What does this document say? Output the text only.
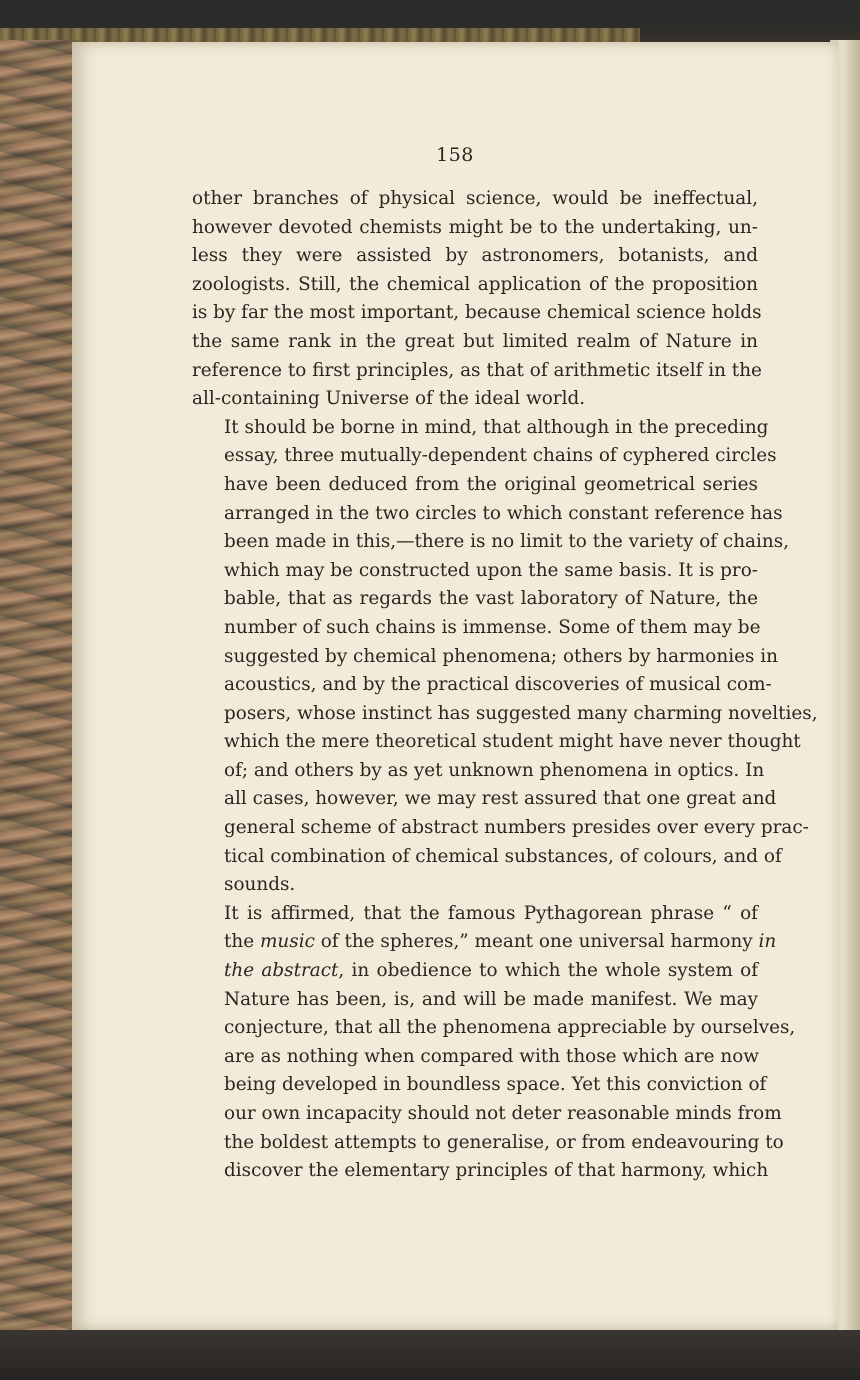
158

other branches of physical science, would be ineffectual,
however devoted chemists might be to the undertaking, un-
less they were assisted by astronomers, botanists, and
zoologists. Still, the chemical application of the proposition
is by far the most important, because chemical science holds
the same rank in the great but limited realm of Nature in
reference to first principles, as that of arithmetic itself in the
all-containing Universe of the ideal world.

It should be borne in mind, that although in the preceding
essay, three mutually-dependent chains of cyphered circles
have been deduced from the original geometrical series
arranged in the two circles to which constant reference has
been made in this,—there is no limit to the variety of chains,
which may be constructed upon the same basis. It is pro-
bable, that as regards the vast laboratory of Nature, the
number of such chains is immense. Some of them may be
suggested by chemical phenomena; others by harmonies in
acoustics, and by the practical discoveries of musical com-
posers, whose instinct has suggested many charming novelties,
which the mere theoretical student might have never thought
of; and others by as yet unknown phenomena in optics. In
all cases, however, we may rest assured that one great and
general scheme of abstract numbers presides over every prac-
tical combination of chemical substances, of colours, and of
sounds.

It is affirmed, that the famous Pythagorean phrase “ of
the music of the spheres,” meant one universal harmony in
the abstract, in obedience to which the whole system of
Nature has been, is, and will be made manifest. We may
conjecture, that all the phenomena appreciable by ourselves,
are as nothing when compared with those which are now
being developed in boundless space. Yet this conviction of
our own incapacity should not deter reasonable minds from
the boldest attempts to generalise, or from endeavouring to
discover the elementary principles of that harmony, which
